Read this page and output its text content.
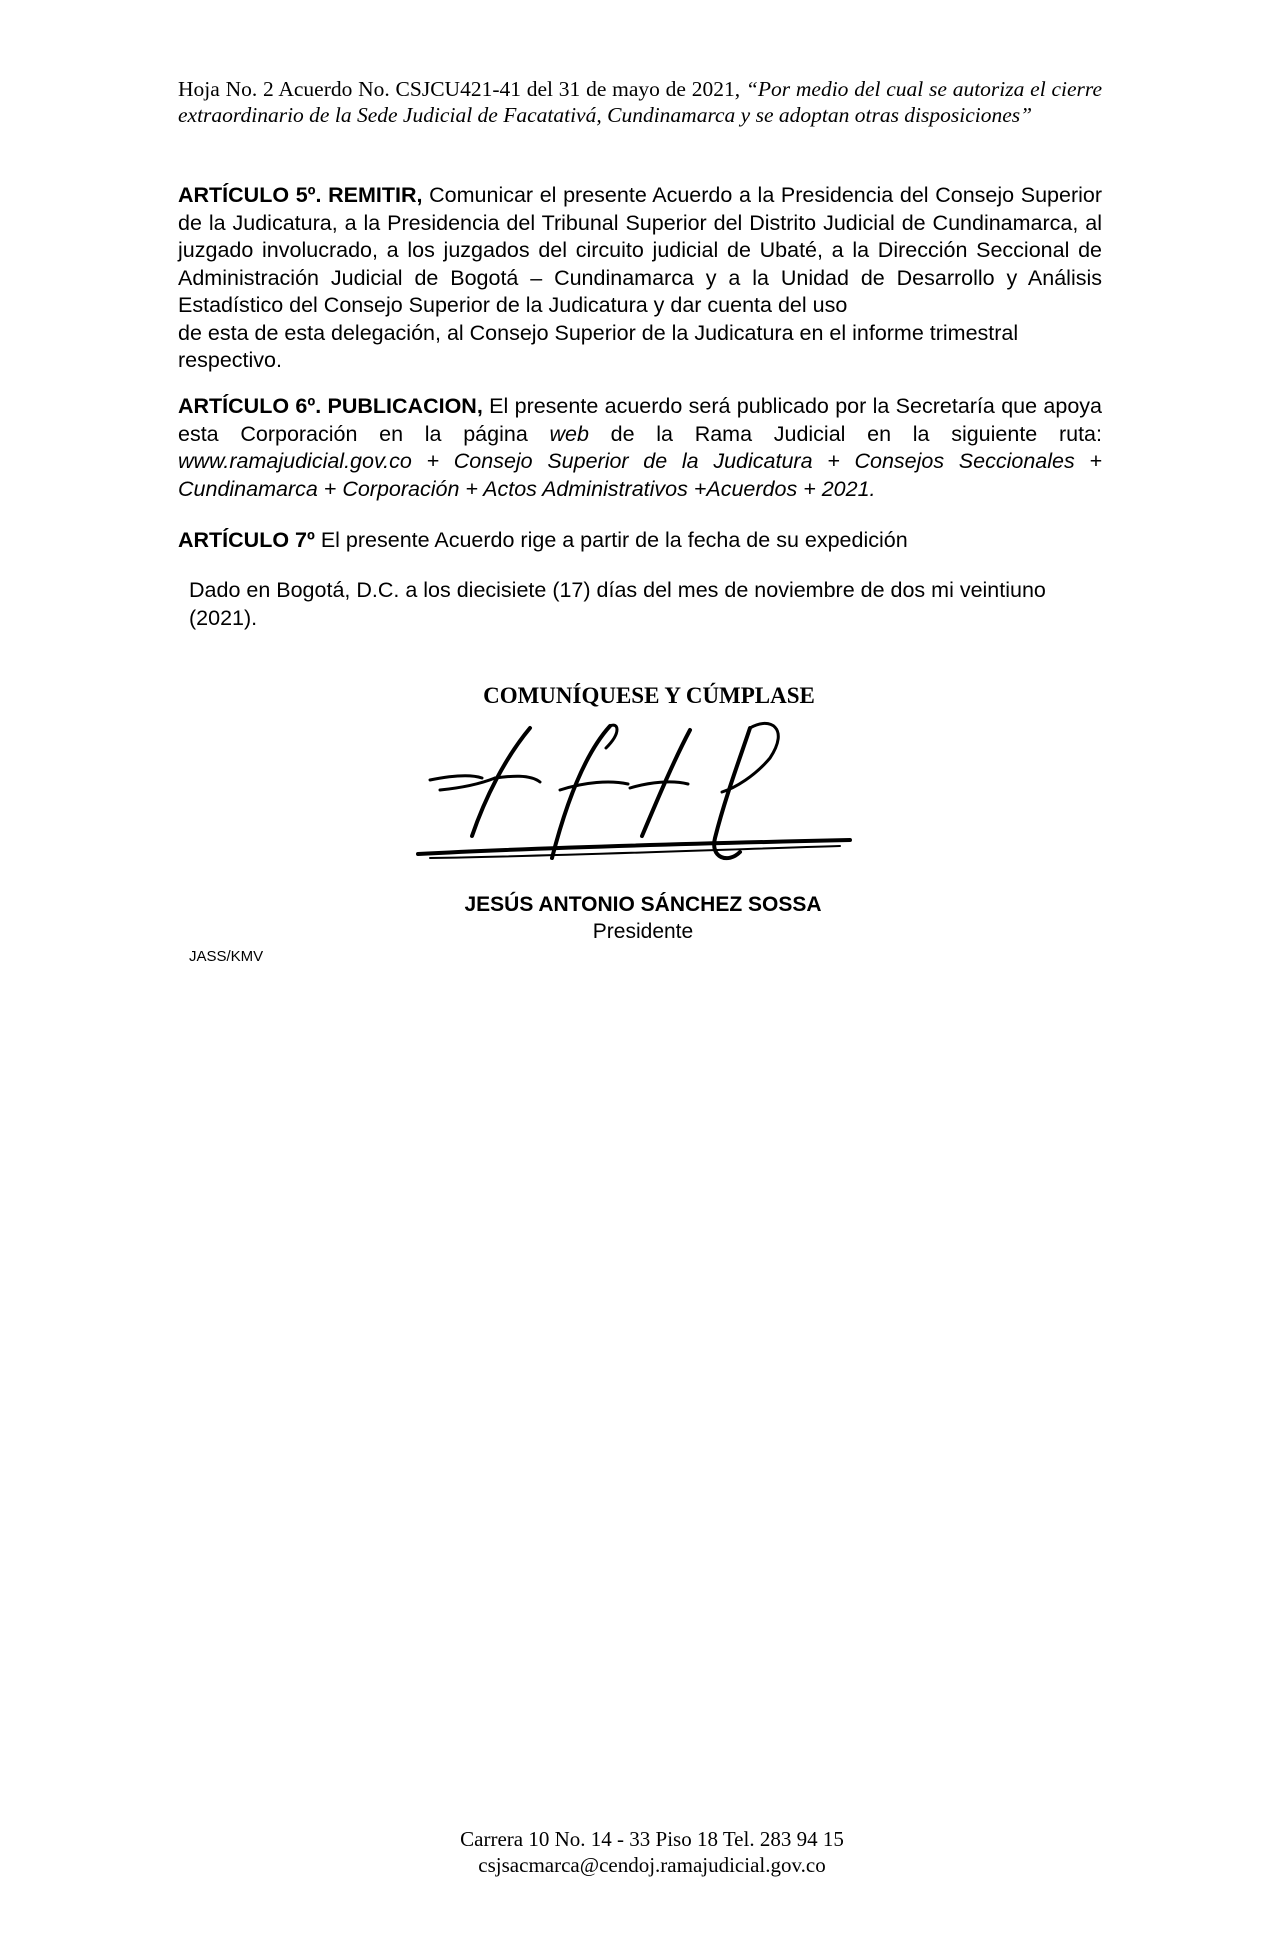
Hoja No. 2 Acuerdo No. CSJCU421-41 del 31 de mayo de 2021, “Por medio del cual se autoriza el cierre extraordinario de la Sede Judicial de Facatativá, Cundinamarca y se adoptan otras disposiciones”
ARTÍCULO 5º. REMITIR, Comunicar el presente Acuerdo a la Presidencia del Consejo Superior de la Judicatura, a la Presidencia del Tribunal Superior del Distrito Judicial de Cundinamarca, al juzgado involucrado, a los juzgados del circuito judicial de Ubaté, a la Dirección Seccional de Administración Judicial de Bogotá – Cundinamarca y a la Unidad de Desarrollo y Análisis Estadístico del Consejo Superior de la Judicatura y dar cuenta del uso
de esta de esta delegación, al Consejo Superior de la Judicatura en el informe trimestral respectivo.
ARTÍCULO 6º. PUBLICACION, El presente acuerdo será publicado por la Secretaría que apoya esta Corporación en la página web de la Rama Judicial en la siguiente ruta: www.ramajudicial.gov.co + Consejo Superior de la Judicatura + Consejos Seccionales + Cundinamarca + Corporación + Actos Administrativos +Acuerdos + 2021.
ARTÍCULO 7º El presente Acuerdo rige a partir de la fecha de su expedición
Dado en Bogotá, D.C. a los diecisiete (17) días del mes de noviembre de dos mi veintiuno (2021).
COMUNÍQUESE Y CÚMPLASE
JESÚS ANTONIO SÁNCHEZ SOSSA
Presidente
JASS/KMV
Carrera 10 No. 14 - 33 Piso 18 Tel. 283 94 15
csjsacmarca@cendoj.ramajudicial.gov.co
